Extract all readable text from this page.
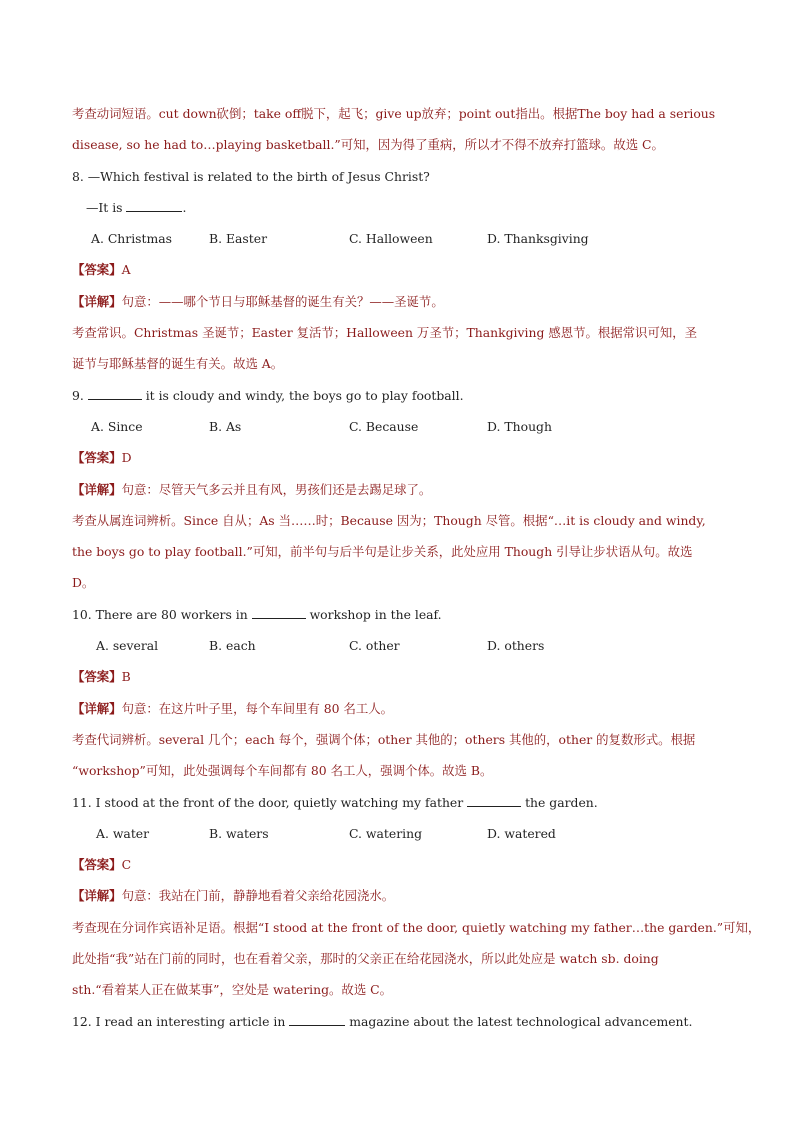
考查动词短语。cut down砍倒；take off脱下，起飞；give up放弃；point out指出。根据The boy had a serious
disease, so he had to…playing basketball.”可知，因为得了重病，所以才不得不放弃打篮球。故选 C。
8. —Which festival is related to the birth of Jesus Christ?
—It is	.
A. Christmas	B. Easter	C. Halloween	D. Thanksgiving
【答案】A
【详解】句意：——哪个节日与耶稣基督的诞生有关？——圣诞节。
考查常识。Christmas 圣诞节；Easter 复活节；Halloween 万圣节；Thankgiving 感恩节。根据常识可知，圣
诞节与耶稣基督的诞生有关。故选 A。
9.	it is cloudy and windy, the boys go to play football.
A. Since	B. As	C. Because	D. Though
【答案】D
【详解】句意：尽管天气多云并且有风，男孩们还是去踢足球了。
考查从属连词辨析。Since 自从；As 当……时；Because 因为；Though 尽管。根据“…it is cloudy and windy,
the boys go to play football.”可知，前半句与后半句是让步关系，此处应用 Though 引导让步状语从句。故选
D。
10. There are 80 workers in	workshop in the leaf.
A. several	B. each	C. other	D. others
【答案】B
【详解】句意：在这片叶子里，每个车间里有 80 名工人。
考查代词辨析。several 几个；each 每个，强调个体；other 其他的；others 其他的，other 的复数形式。根据
“workshop”可知，此处强调每个车间都有 80 名工人，强调个体。故选 B。
11. I stood at the front of the door, quietly watching my father	the garden.
A. water	B. waters	C. watering	D. watered
【答案】C
【详解】句意：我站在门前，静静地看着父亲给花园浇水。
考查现在分词作宾语补足语。根据“I stood at the front of the door, quietly watching my father…the garden.”可知，
此处指“我”站在门前的同时，也在看着父亲，那时的父亲正在给花园浇水，所以此处应是 watch sb. doing
sth.“看着某人正在做某事”，空处是 watering。故选 C。
12. I read an interesting article in	magazine about the latest technological advancement.
